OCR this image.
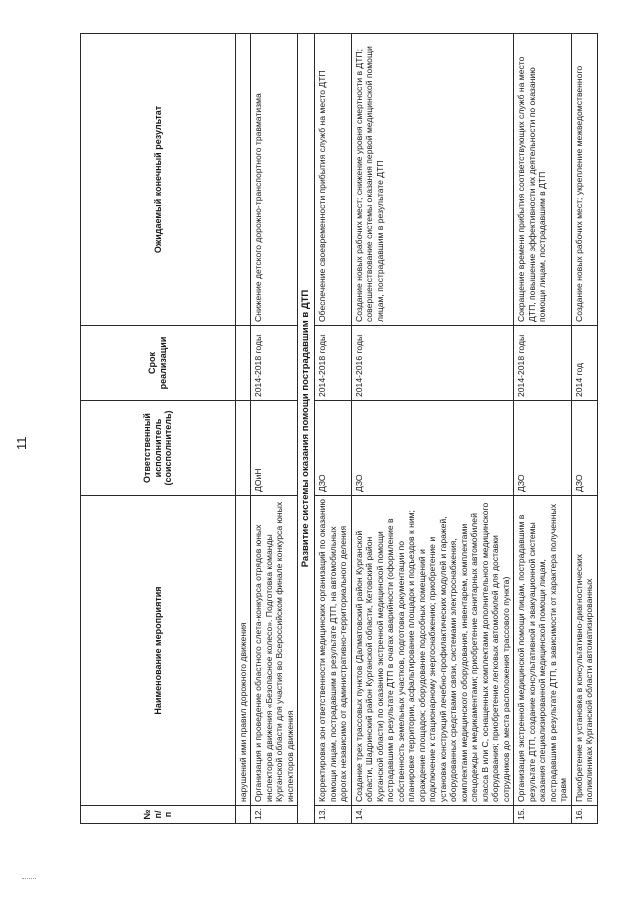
11
№ п/п	Наименование мероприятия	Ответственный исполнитель (соисполнитель)	Срок реализации	Ожидаемый конечный результат
	нарушений ими правил дорожного движения			
12.	Организация и проведение областного слета-конкурса отрядов юных инспекторов движения «Безопасное колесо». Подготовка команды Курганской области для участия во Всероссийском финале конкурса юных инспекторов движения	ДОиН	2014-2018 годы	Снижение детского дорожно-транспортного травматизма
Развитие системы оказания помощи пострадавшим в ДТП				
13.	Корректировка зон ответственности медицинских организаций по оказанию помощи лицам, пострадавшим в результате ДТП, на автомобильных дорогах независимо от административно-территориального деления	ДЗО	2014-2018 годы	Обеспечение своевременности прибытия служб на место ДТП
14.	Создание трех трассовых пунктов (Далматовский район Курганской области, Шадринский район Курганской области, Кетовский район Курганской области) по оказанию экстренной медицинской помощи пострадавшим в результате ДТП в очагах аварийности (оформление в собственность земельных участков, подготовка документации по планировке территории, асфальтирование площадок и подъездов к ним; ограждение площадок; оборудование подсобных помещений и подключение к стационарному энергоснабжению; приобретение и установка конструкций лечебно-профилактических модулей и гаражей, оборудованных средствами связи, системами электроснабжения, комплектами медицинского оборудования, инвентарем, комплектами спецодежды и медикаментами; приобретение санитарных автомобилей класса В или С, оснащенных комплектами дополнительного медицинского оборудования; приобретение легковых автомобилей для доставки сотрудников до места расположения трассового пункта)	ДЗО	2014-2016 годы	Создание новых рабочих мест; снижение уровня смертности в ДТП; совершенствование системы оказания первой медицинской помощи лицам, пострадавшим в результате ДТП
15.	Организация экстренной медицинской помощи лицам, пострадавшим в результате ДТП, создание консультативной и эвакуационной системы оказания специализированной медицинской помощи лицам, пострадавшим в результате ДТП, в зависимости от характера полученных травм	ДЗО	2014-2018 годы	Сокращение времени прибытия соответствующих служб на место ДТП, повышение эффективности их деятельности по оказанию помощи лицам, пострадавшим в ДТП
16.	Приобретение и установка в консультативно-диагностических поликлиниках Курганской области автоматизированных	ДЗО	2014 год	Создание новых рабочих мест; укрепление межведомственного
